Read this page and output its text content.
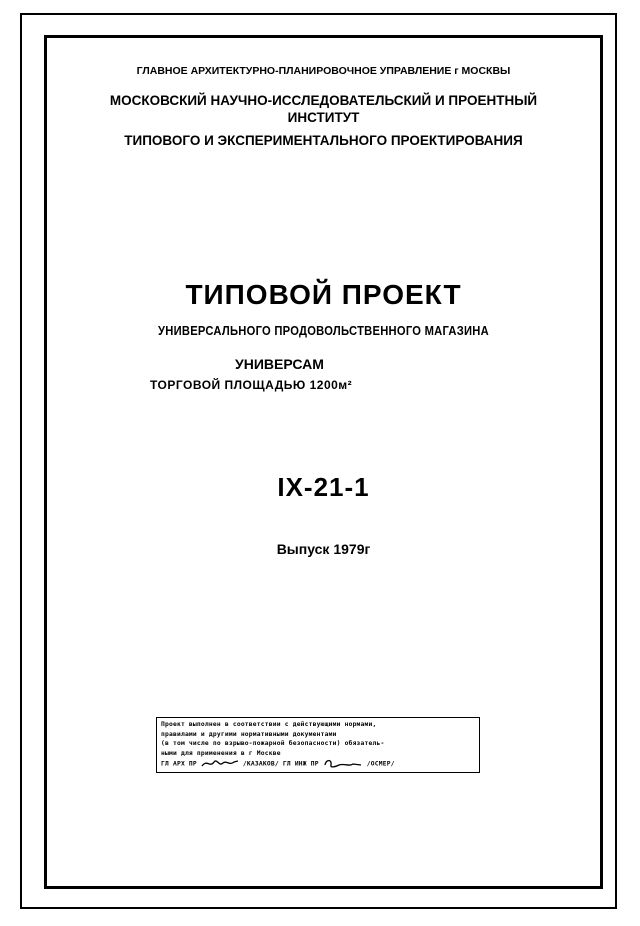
ГЛАВНОЕ АРХИТЕКТУРНО-ПЛАНИРОВОЧНОЕ УПРАВЛЕНИЕ г МОСКВЫ
МОСКОВСКИЙ НАУЧНО-ИССЛЕДОВАТЕЛЬСКИЙ И ПРОЕНТНЫЙ
ИНСТИТУТ
ТИПОВОГО И ЭКСПЕРИМЕНТАЛЬНОГО ПРОЕКТИРОВАНИЯ
ТИПОВОЙ ПРОЕКТ
УНИВЕРСАЛЬНОГО ПРОДОВОЛЬСТВЕННОГО МАГАЗИНА
УНИВЕРСАМ
ТОРГОВОЙ ПЛОЩАДЬЮ 1200м²
IX-21-1
Выпуск 1979г
Проект выполнен в соответствии с действующими нормами,
правилами и другими нормативными документами
(в том числе по взрыво-пожарной безопасности) обязатель-
ными для применения в г Москве
ГЛ АРХ ПР	/КАЗАКОВ/ ГЛ ИНЖ ПР	/ОСМЕР/
